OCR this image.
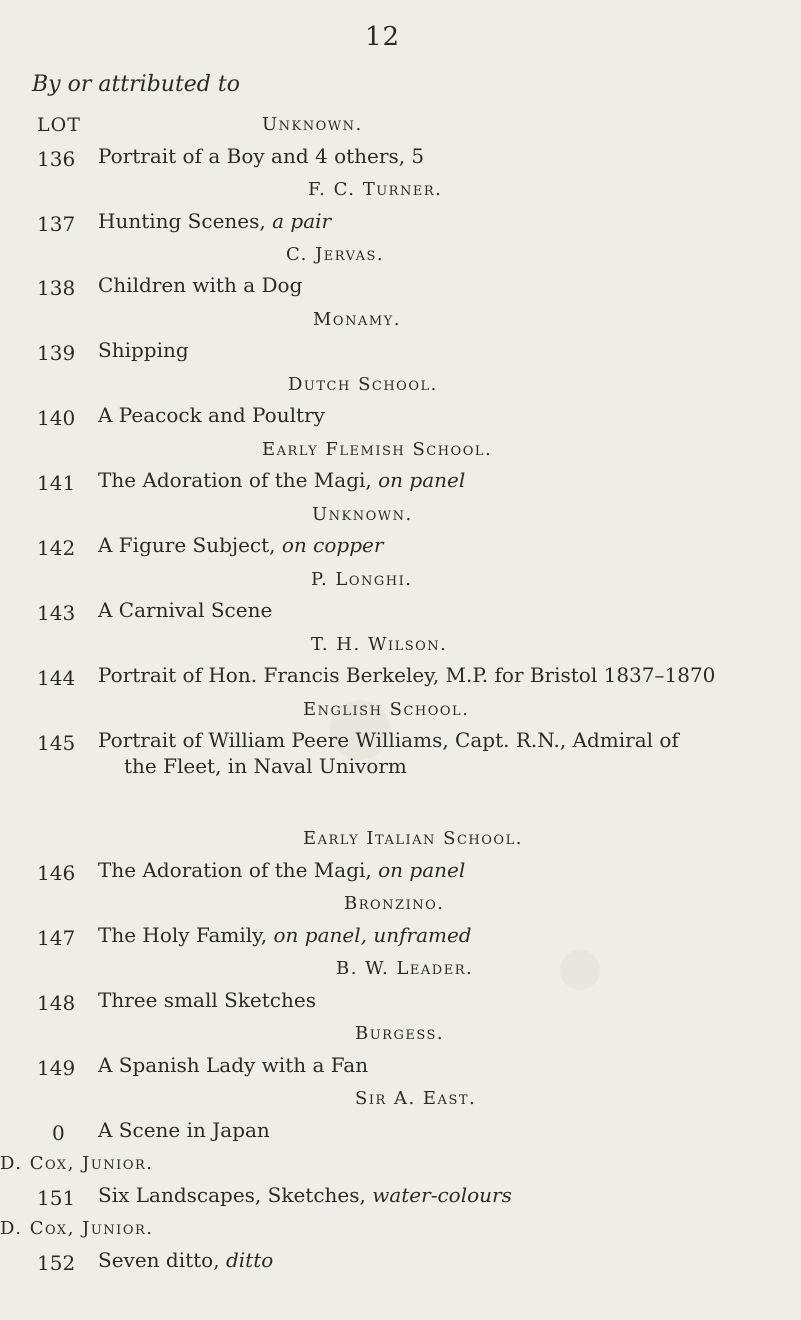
12
By or attributed to
LOT	Unknown.
136 Portrait of a Boy and 4 others, 5
F. C. Turner.
137 Hunting Scenes, a pair
C. Jervas.
138 Children with a Dog
Monamy.
139 Shipping
Dutch School.
140 A Peacock and Poultry
Early Flemish School.
141 The Adoration of the Magi, on panel
Unknown.
142 A Figure Subject, on copper
P. Longhi.
143 A Carnival Scene
T. H. Wilson.
144 Portrait of Hon. Francis Berkeley, M.P. for Bristol 1837–1870
English School.
145 Portrait of William Peere Williams, Capt. R.N., Admiral of
the Fleet, in Naval Univorm
Early Italian School.
146 The Adoration of the Magi, on panel
Bronzino.
147 The Holy Family, on panel, unframed
B. W. Leader.
148 Three small Sketches
Burgess.
149 A Spanish Lady with a Fan
Sir A. East.
0	A Scene in Japan
D. Cox, Junior.
151 Six Landscapes, Sketches, water-colours
D. Cox, Junior.
152 Seven ditto, ditto
